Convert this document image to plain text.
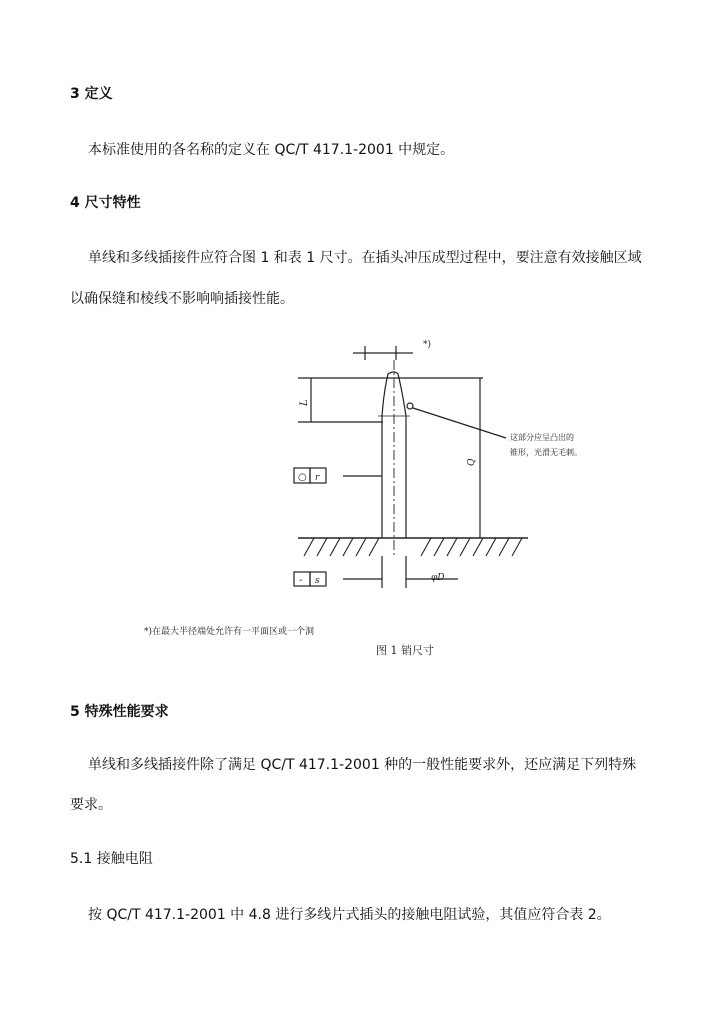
3 定义
本标准使用的各名称的定义在 QC/T 417.1-2001 中规定。
4 尺寸特性
单线和多线插接件应符合图 1 和表 1 尺寸。在插头冲压成型过程中，要注意有效接触区域
以确保缝和棱线不影响响插接性能。
*)
L
Q
这部分应呈凸出的
锥形，光滑无毛刺。
○ r
- s	φD
*)在最大半径端处允许有一平面区或一个洞
图 1 销尺寸
5 特殊性能要求
单线和多线插接件除了满足 QC/T 417.1-2001 种的一般性能要求外，还应满足下列特殊
要求。
5.1 接触电阻
按 QC/T 417.1-2001 中 4.8 进行多线片式插头的接触电阻试验，其值应符合表 2。
